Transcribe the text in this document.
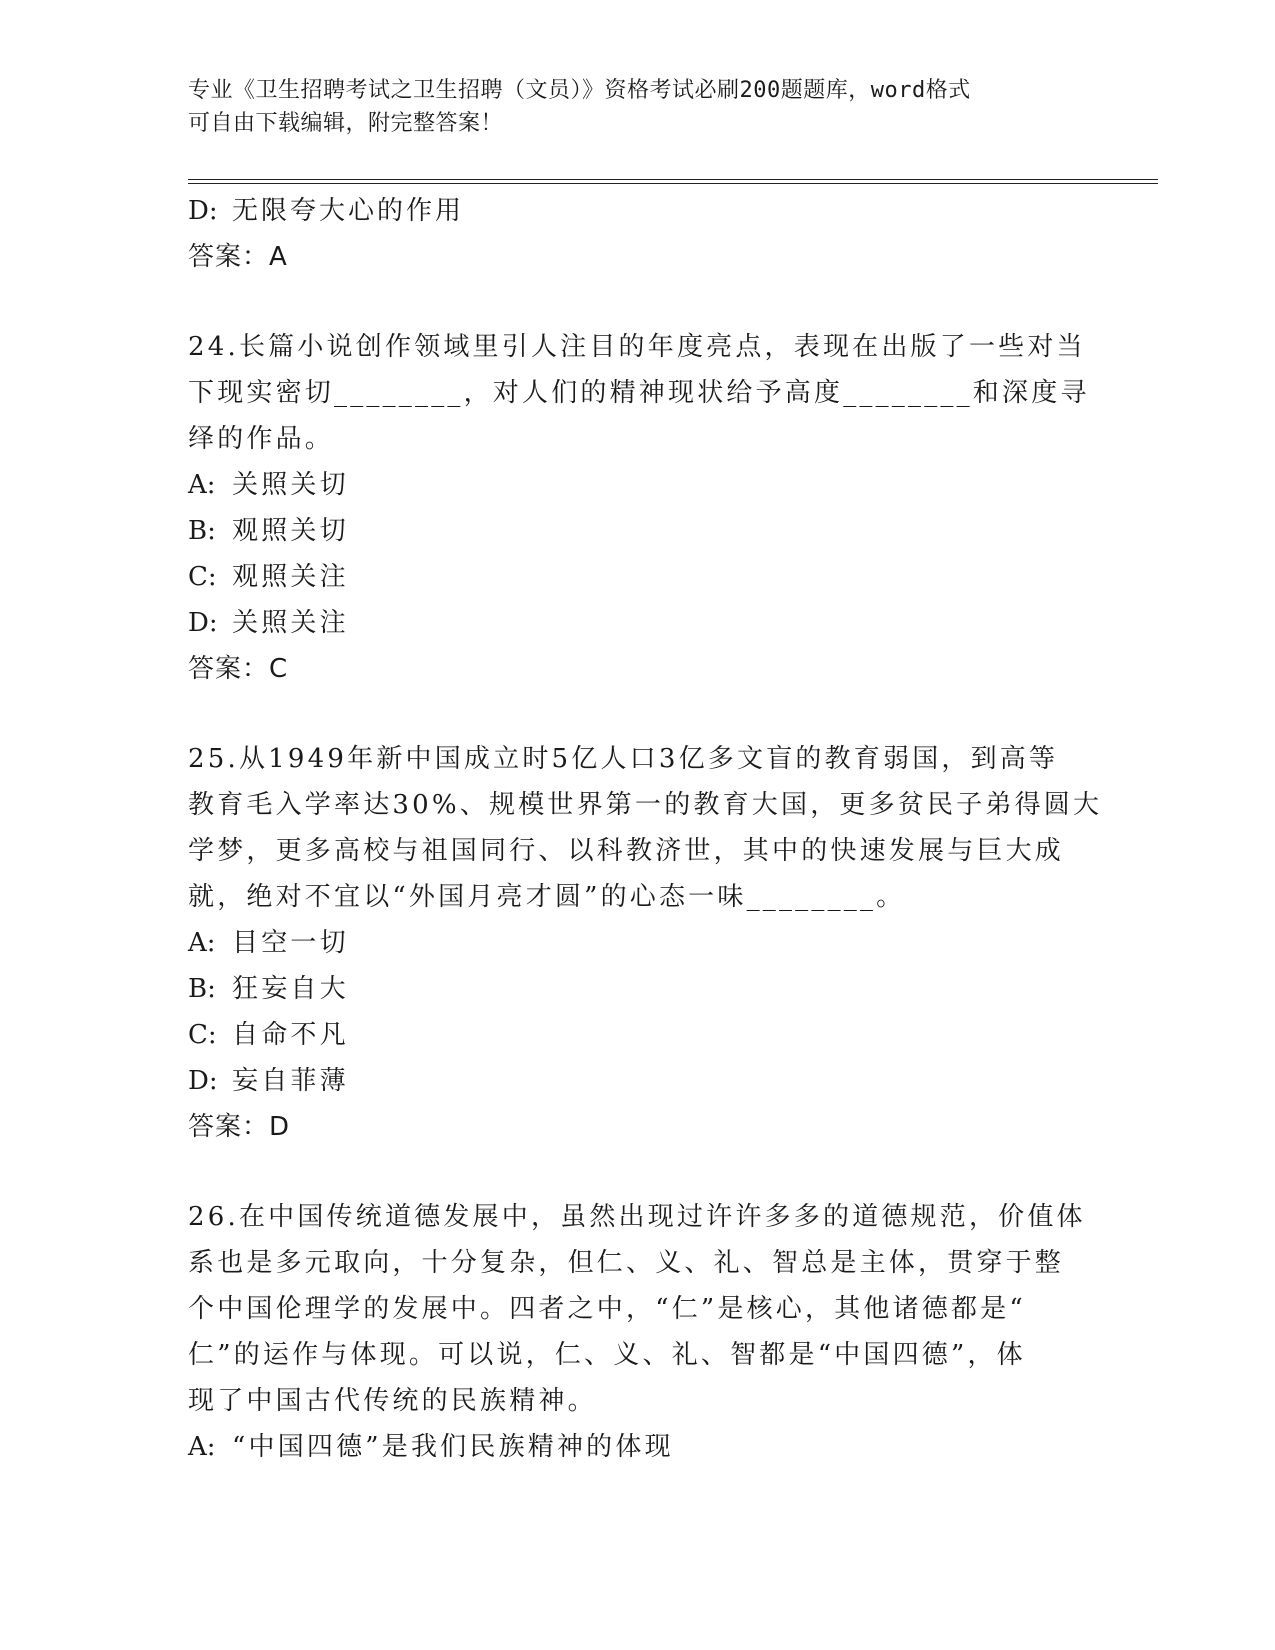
专业《卫生招聘考试之卫生招聘（文员）》资格考试必刷200题题库，word格式
可自由下载编辑，附完整答案！
D: 无限夸大心的作用
答案：A
24.长篇小说创作领域里引人注目的年度亮点，表现在出版了一些对当
下现实密切________，对人们的精神现状给予高度________和深度寻
绎的作品。
A: 关照关切
B: 观照关切
C: 观照关注
D: 关照关注
答案：C
25.从1949年新中国成立时5亿人口3亿多文盲的教育弱国，到高等
教育毛入学率达30%、规模世界第一的教育大国，更多贫民子弟得圆大
学梦，更多高校与祖国同行、以科教济世，其中的快速发展与巨大成
就，绝对不宜以“外国月亮才圆”的心态一味________。
A: 目空一切
B: 狂妄自大
C: 自命不凡
D: 妄自菲薄
答案：D
26.在中国传统道德发展中，虽然出现过许许多多的道德规范，价值体
系也是多元取向，十分复杂，但仁、义、礼、智总是主体，贯穿于整
个中国伦理学的发展中。四者之中，“仁”是核心，其他诸德都是“
仁”的运作与体现。可以说，仁、义、礼、智都是“中国四德”，体
现了中国古代传统的民族精神。
A: “中国四德”是我们民族精神的体现
